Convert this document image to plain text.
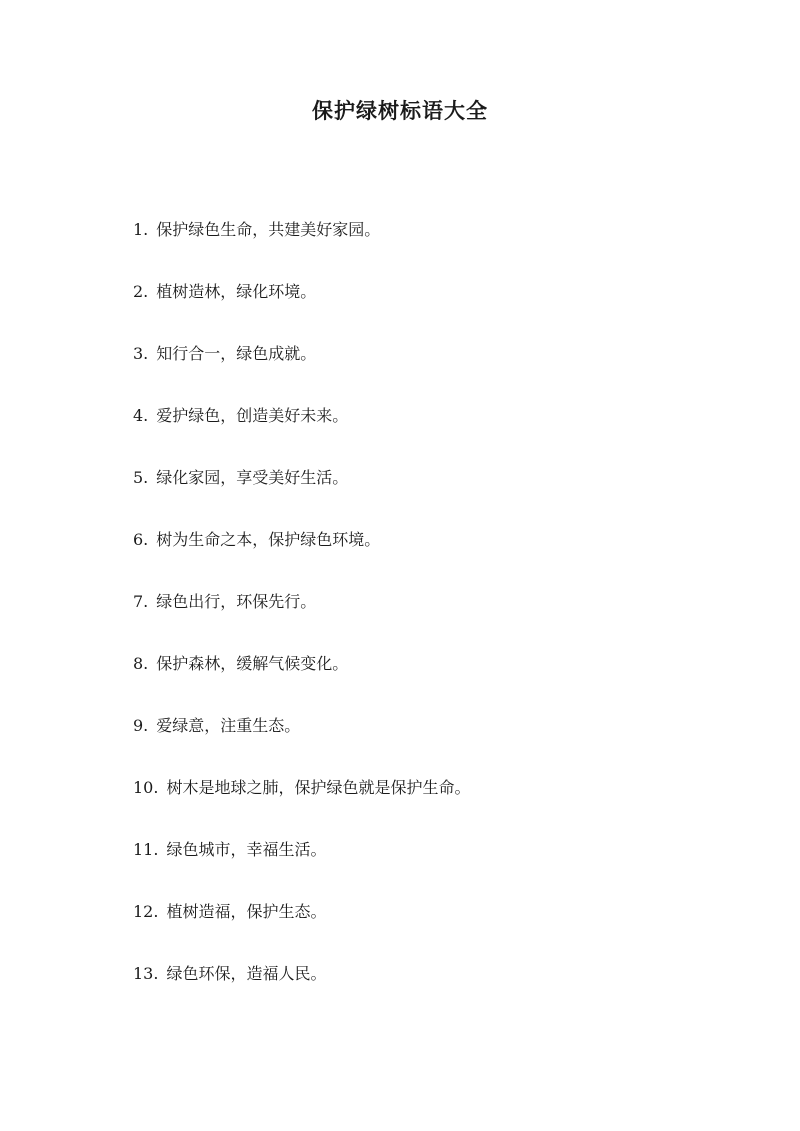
保护绿树标语大全
1. 保护绿色生命，共建美好家园。
2. 植树造林，绿化环境。
3. 知行合一，绿色成就。
4. 爱护绿色，创造美好未来。
5. 绿化家园，享受美好生活。
6. 树为生命之本，保护绿色环境。
7. 绿色出行，环保先行。
8. 保护森林，缓解气候变化。
9. 爱绿意，注重生态。
10. 树木是地球之肺，保护绿色就是保护生命。
11. 绿色城市，幸福生活。
12. 植树造福，保护生态。
13. 绿色环保，造福人民。
